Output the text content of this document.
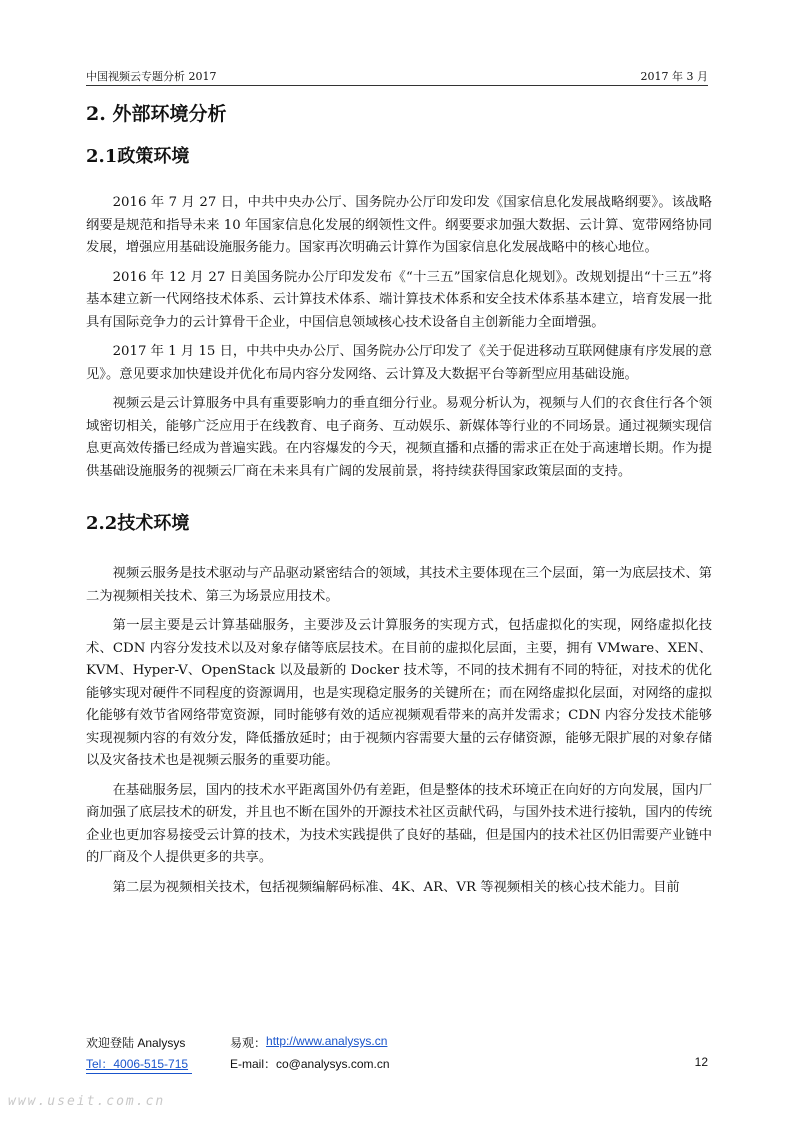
中国视频云专题分析 2017	2017 年 3 月
2. 外部环境分析
2.1政策环境

2016 年 7 月 27 日，中共中央办公厅、国务院办公厅印发印发《国家信息化发展战略纲要》。该战略纲要是规范和指导未来 10 年国家信息化发展的纲领性文件。纲要要求加强大数据、云计算、宽带网络协同发展，增强应用基础设施服务能力。国家再次明确云计算作为国家信息化发展战略中的核心地位。

2016 年 12 月 27 日美国务院办公厅印发发布《“十三五”国家信息化规划》。改规划提出“十三五”将基本建立新一代网络技术体系、云计算技术体系、端计算技术体系和安全技术体系基本建立，培育发展一批具有国际竞争力的云计算骨干企业，中国信息领域核心技术设备自主创新能力全面增强。

2017 年 1 月 15 日，中共中央办公厅、国务院办公厅印发了《关于促进移动互联网健康有序发展的意见》。意见要求加快建设并优化布局内容分发网络、云计算及大数据平台等新型应用基础设施。

视频云是云计算服务中具有重要影响力的垂直细分行业。易观分析认为，视频与人们的衣食住行各个领域密切相关，能够广泛应用于在线教育、电子商务、互动娱乐、新媒体等行业的不同场景。通过视频实现信息更高效传播已经成为普遍实践。在内容爆发的今天，视频直播和点播的需求正在处于高速增长期。作为提供基础设施服务的视频云厂商在未来具有广阔的发展前景，将持续获得国家政策层面的支持。

2.2技术环境

视频云服务是技术驱动与产品驱动紧密结合的领域，其技术主要体现在三个层面，第一为底层技术、第二为视频相关技术、第三为场景应用技术。

第一层主要是云计算基础服务，主要涉及云计算服务的实现方式，包括虚拟化的实现，网络虚拟化技术、CDN 内容分发技术以及对象存储等底层技术。在目前的虚拟化层面，主要，拥有 VMware、XEN、KVM、Hyper-V、OpenStack 以及最新的 Docker 技术等，不同的技术拥有不同的特征，对技术的优化能够实现对硬件不同程度的资源调用，也是实现稳定服务的关键所在；而在网络虚拟化层面，对网络的虚拟化能够有效节省网络带宽资源，同时能够有效的适应视频观看带来的高并发需求；CDN 内容分发技术能够实现视频内容的有效分发，降低播放延时；由于视频内容需要大量的云存储资源，能够无限扩展的对象存储以及灾备技术也是视频云服务的重要功能。

在基础服务层，国内的技术水平距离国外仍有差距，但是整体的技术环境正在向好的方向发展，国内厂商加强了底层技术的研发，并且也不断在国外的开源技术社区贡献代码，与国外技术进行接轨，国内的传统企业也更加容易接受云计算的技术，为技术实践提供了良好的基础，但是国内的技术社区仍旧需要产业链中的厂商及个人提供更多的共享。

第二层为视频相关技术，包括视频编解码标准、4K、AR、VR 等视频相关的核心技术能力。目前

欢迎登陆 Analysys	易观： http://www.analysys.cn
Tel：4006-515-715	E-mail：co@analysys.com.cn	12
www.useit.com.cn
